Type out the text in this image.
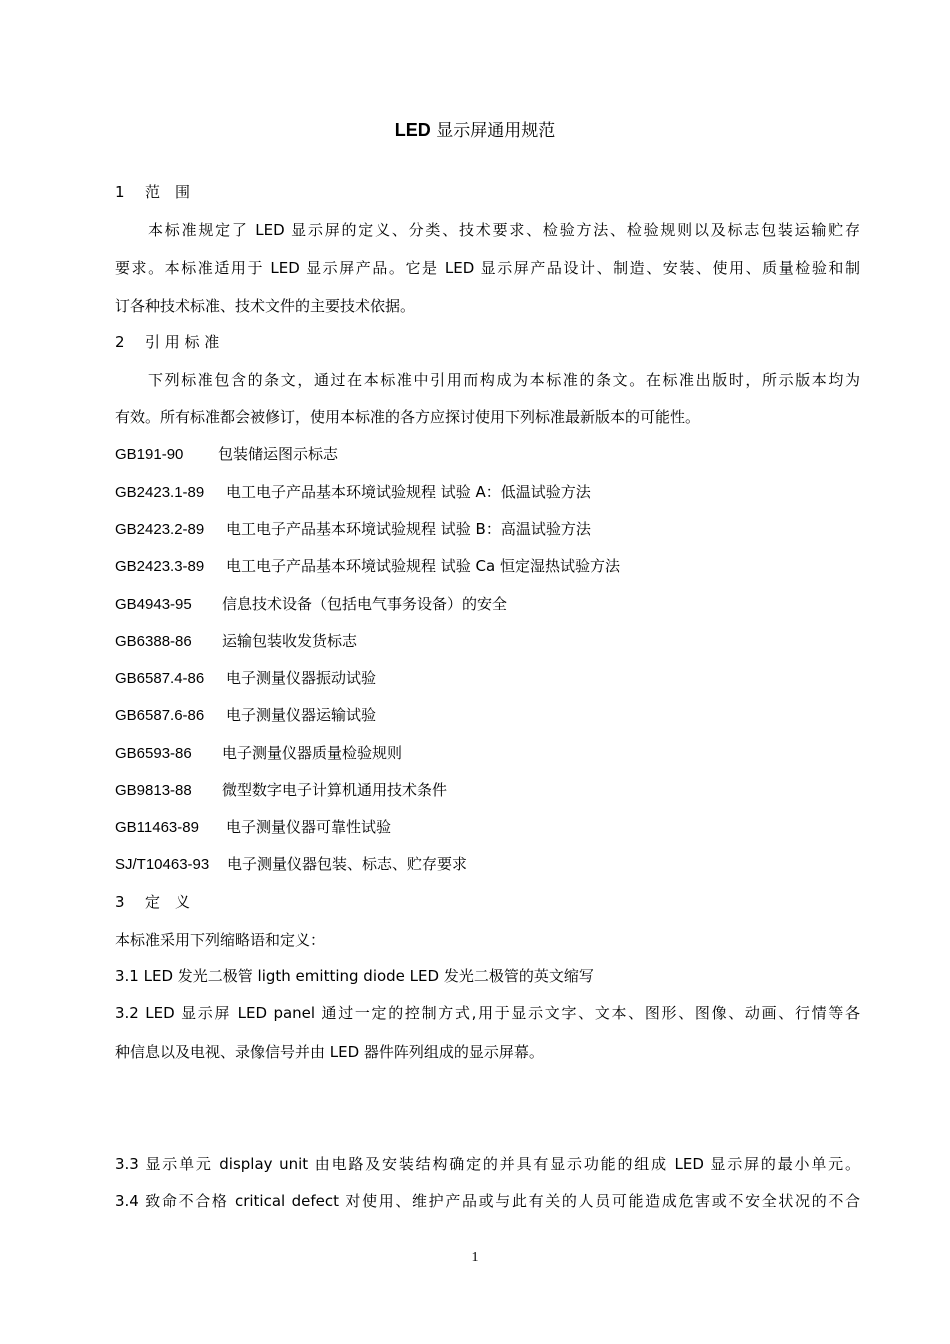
LED 显示屏通用规范
1 范　围
本标准规定了 LED 显示屏的定义、分类、技术要求、检验方法、检验规则以及标志包装运输贮存
要求。本标准适用于 LED 显示屏产品。它是 LED 显示屏产品设计、制造、安装、使用、质量检验和制
订各种技术标准、技术文件的主要技术依据。
2 引 用 标 准
下列标准包含的条文，通过在本标准中引用而构成为本标准的条文。在标准出版时，所示版本均为
有效。所有标准都会被修订，使用本标准的各方应探讨使用下列标准最新版本的可能性。
GB191-90 包装储运图示标志
GB2423.1-89 电工电子产品基本环境试验规程 试验 A：低温试验方法
GB2423.2-89 电工电子产品基本环境试验规程 试验 B：高温试验方法
GB2423.3-89 电工电子产品基本环境试验规程 试验 Ca 恒定湿热试验方法
GB4943-95 信息技术设备（包括电气事务设备）的安全
GB6388-86 运输包装收发货标志
GB6587.4-86 电子测量仪器振动试验
GB6587.6-86 电子测量仪器运输试验
GB6593-86 电子测量仪器质量检验规则
GB9813-88 微型数字电子计算机通用技术条件
GB11463-89 电子测量仪器可靠性试验
SJ/T10463-93 电子测量仪器包装、标志、贮存要求
3 定　义
本标准采用下列缩略语和定义：
3.1 LED 发光二极管 ligth emitting diode LED 发光二极管的英文缩写
3.2 LED 显示屏 LED panel 通过一定的控制方式,用于显示文字、文本、图形、图像、动画、行情等各
种信息以及电视、录像信号并由 LED 器件阵列组成的显示屏幕。
3.3 显示单元 display unit 由电路及安装结构确定的并具有显示功能的组成 LED 显示屏的最小单元。
3.4 致命不合格 critical defect 对使用、维护产品或与此有关的人员可能造成危害或不安全状况的不合
1
